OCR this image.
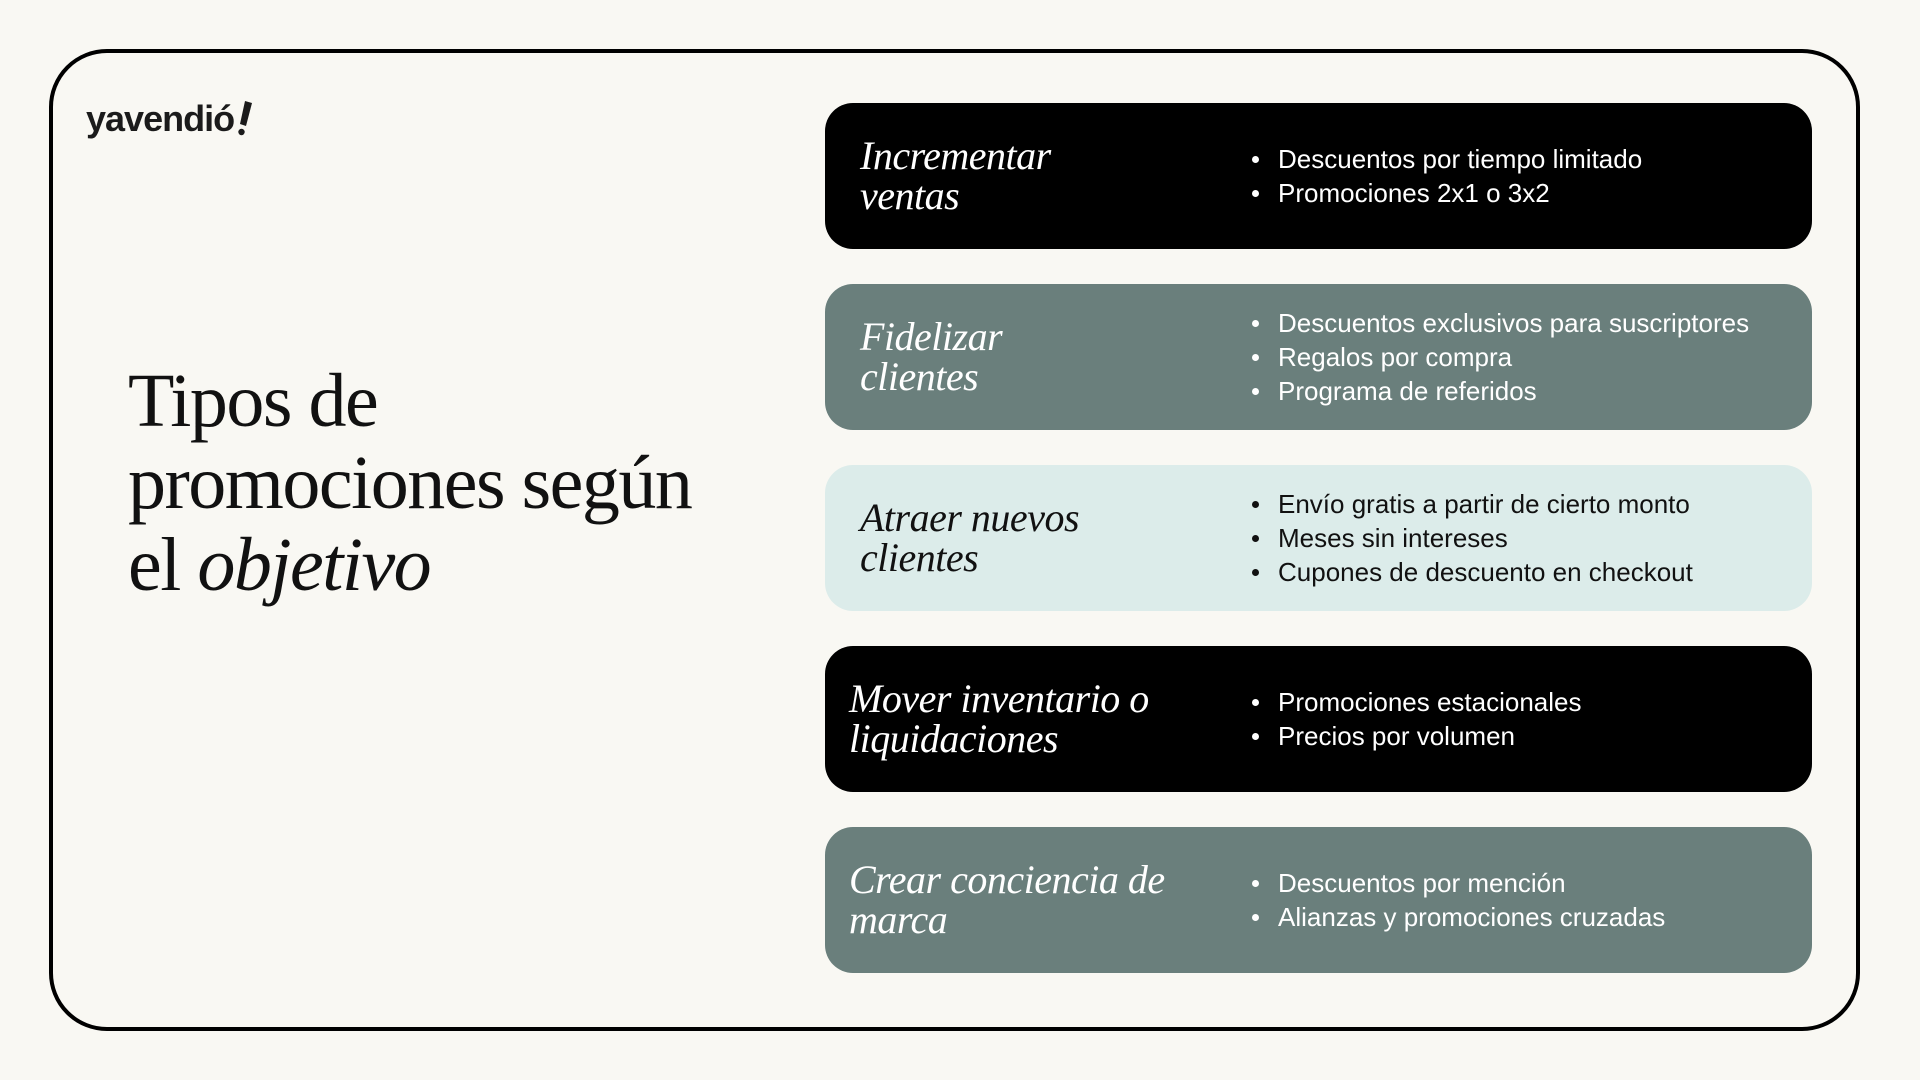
yavendió
Tipos de
promociones según
el objetivo
Incrementar
ventas
Descuentos por tiempo limitado
Promociones 2x1 o 3x2
Fidelizar
clientes
Descuentos exclusivos para suscriptores
Regalos por compra
Programa de referidos
Atraer nuevos
clientes
Envío gratis a partir de cierto monto
Meses sin intereses
Cupones de descuento en checkout
Mover inventario o
liquidaciones
Promociones estacionales
Precios por volumen
Crear conciencia de
marca
Descuentos por mención
Alianzas y promociones cruzadas
